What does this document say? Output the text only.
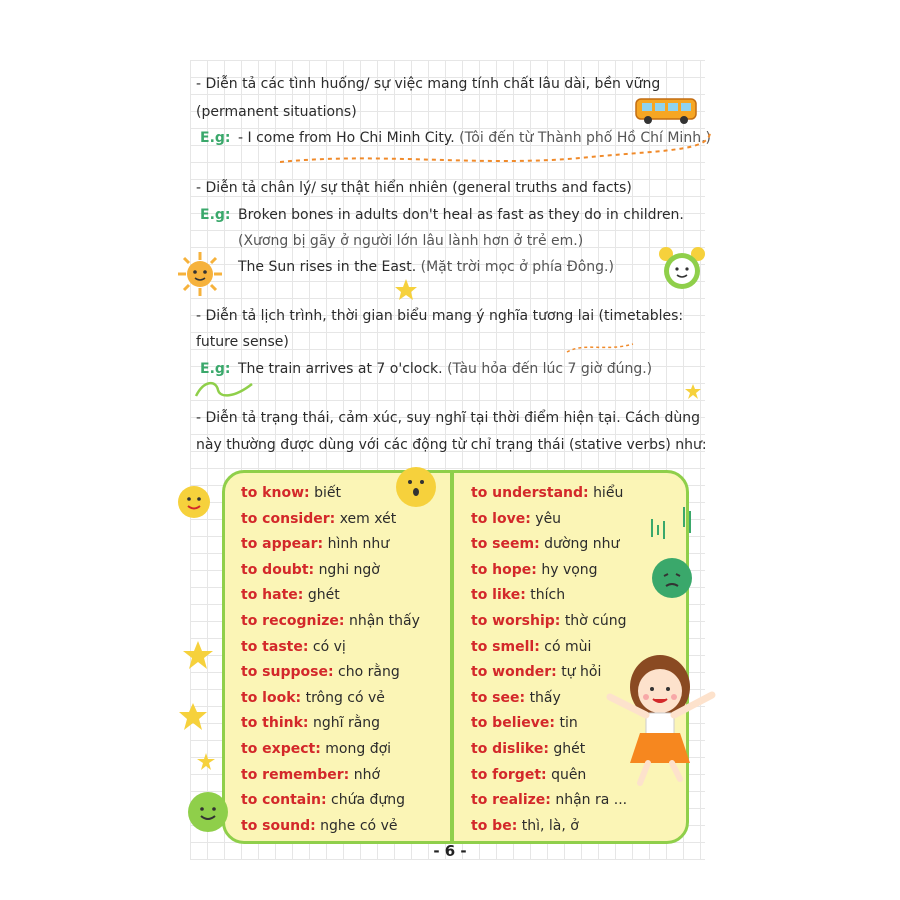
- Diễn tả các tình huống/ sự việc mang tính chất lâu dài, bền vững
(permanent situations)
E.g: - I come from Ho Chi Minh City. (Tôi đến từ Thành phố Hồ Chí Minh.)
- Diễn tả chân lý/ sự thật hiển nhiên (general truths and facts)
E.g: Broken bones in adults don't heal as fast as they do in children.
(Xương bị gãy ở người lớn lâu lành hơn ở trẻ em.)
The Sun rises in the East. (Mặt trời mọc ở phía Đông.)
- Diễn tả lịch trình, thời gian biểu mang ý nghĩa tương lai (timetables:
future sense)
E.g: The train arrives at 7 o'clock. (Tàu hỏa đến lúc 7 giờ đúng.)
- Diễn tả trạng thái, cảm xúc, suy nghĩ tại thời điểm hiện tại. Cách dùng
này thường được dùng với các động từ chỉ trạng thái (stative verbs) như:
to know: biết
to consider: xem xét
to appear: hình như
to doubt: nghi ngờ
to hate: ghét
to recognize: nhận thấy
to taste: có vị
to suppose: cho rằng
to look: trông có vẻ
to think: nghĩ rằng
to expect: mong đợi
to remember: nhớ
to contain: chứa đựng
to sound: nghe có vẻ
to understand: hiểu
to love: yêu
to seem: dường như
to hope: hy vọng
to like: thích
to worship: thờ cúng
to smell: có mùi
to wonder: tự hỏi
to see: thấy
to believe: tin
to dislike: ghét
to forget: quên
to realize: nhận ra ...
to be: thì, là, ở
- 6 -
